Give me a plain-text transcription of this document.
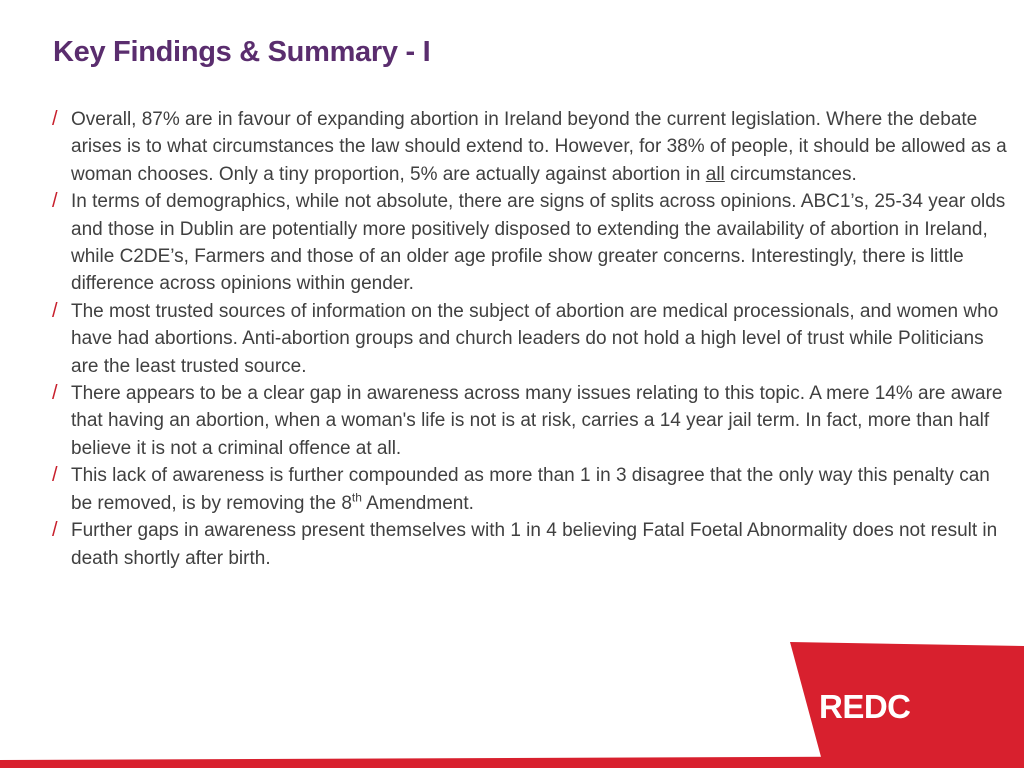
Key Findings & Summary - I
/ Overall, 87% are in favour of expanding abortion in Ireland beyond the current legislation. Where the debate arises is to what circumstances the law should extend to. However, for 38% of people, it should be allowed as a woman chooses. Only a tiny proportion, 5% are actually against abortion in all circumstances.
/ In terms of demographics, while not absolute, there are signs of splits across opinions. ABC1’s, 25-34 year olds and those in Dublin are potentially more positively disposed to extending the availability of abortion in Ireland, while C2DE’s, Farmers and those of an older age profile show greater concerns. Interestingly, there is little difference across opinions within gender.
/ The most trusted sources of information on the subject of abortion are medical processionals, and women who have had abortions. Anti-abortion groups and church leaders do not hold a high level of trust while Politicians are the least trusted source.
/ There appears to be a clear gap in awareness across many issues relating to this topic. A mere 14% are aware that having an abortion, when a woman's life is not is at risk, carries a 14 year jail term. In fact, more than half believe it is not a criminal offence at all.
/ This lack of awareness is further compounded as more than 1 in 3 disagree that the only way this penalty can be removed, is by removing the 8th Amendment.
/ Further gaps in awareness present themselves with 1 in 4 believing Fatal Foetal Abnormality does not result in death shortly after birth.
REDC
